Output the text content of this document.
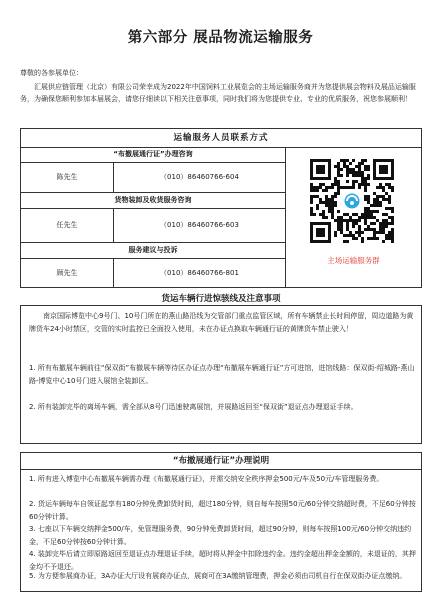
第六部分 展品物流运输服务
尊敬的各参展单位：
汇展供应链管理（北京）有限公司荣幸成为2022年中国饲料工业展览会的主场运输服务商并为您提供展会物料及展品运输服务，为确保您顺利参加本届展会，请您仔细读以下相关注意事项，同时我们将为您提供专业、专业的优质服务，祝您参展顺利！
运输服务人员联系方式
“布撤展通行证”办理咨询
陈先生	（010）86460766-604
货物装卸及收货服务咨询
任先生	（010）86460766-603
服务建议与投诉
顾先生	（010）86460766-801
主场运输服务群
货运车辆行进惊骇线及注意事项
南京国际博览中心9号门、10号门所在的燕山路沿线为交管部门重点监管区域，所有车辆禁止长时间停留，周边道路为黄牌货车24小时禁区，交管的实时监控已全面投入使用，未在办证点换取车辆通行证的黄牌货车禁止驶入！
1. 所有布撤展车辆前往“保双街”布撤展车辆等待区办证点办理“布撤展车辆通行证”方可进馆，进馆线路：保双街-绍城路-燕山路-博览中心10号门进入展馆全装卸区。
2. 所有装卸完毕的离场车辆，需全部从8号门迅速驶离展馆，并展路返回至“保双街”退证点办理退证手续。
“布撤展通行证”办理说明
1. 所有进入博览中心布撤展车辆需办理《布撤展通行证》，并需交纳安全秩序押金500元/车及50元/车管理服务费。
2. 货运车辆每车自领证起享有180分钟免费卸货时间，超过180分钟，则自每车按照50元/60分钟交纳超时费，不足60分钟按60分钟计算。
3. 七座以下车辆交纳押金500/车，免管理服务费，90分钟免费卸货时间，超过90分钟，则每车按照100元/60分钟交纳违约金，不足60分钟按60分钟计算。
4. 装卸完毕后请立即原路返回至退证点办理退证手续，超时将从押金中扣除违约金。违约金超出押金金额的，未退证的，其押金均不予退还。
5. 为方便参展商办证，3A办证大厅设有展商办证点，展商可在3A缴纳管理费，押金必须由司机自行在保双街办证点缴纳。
